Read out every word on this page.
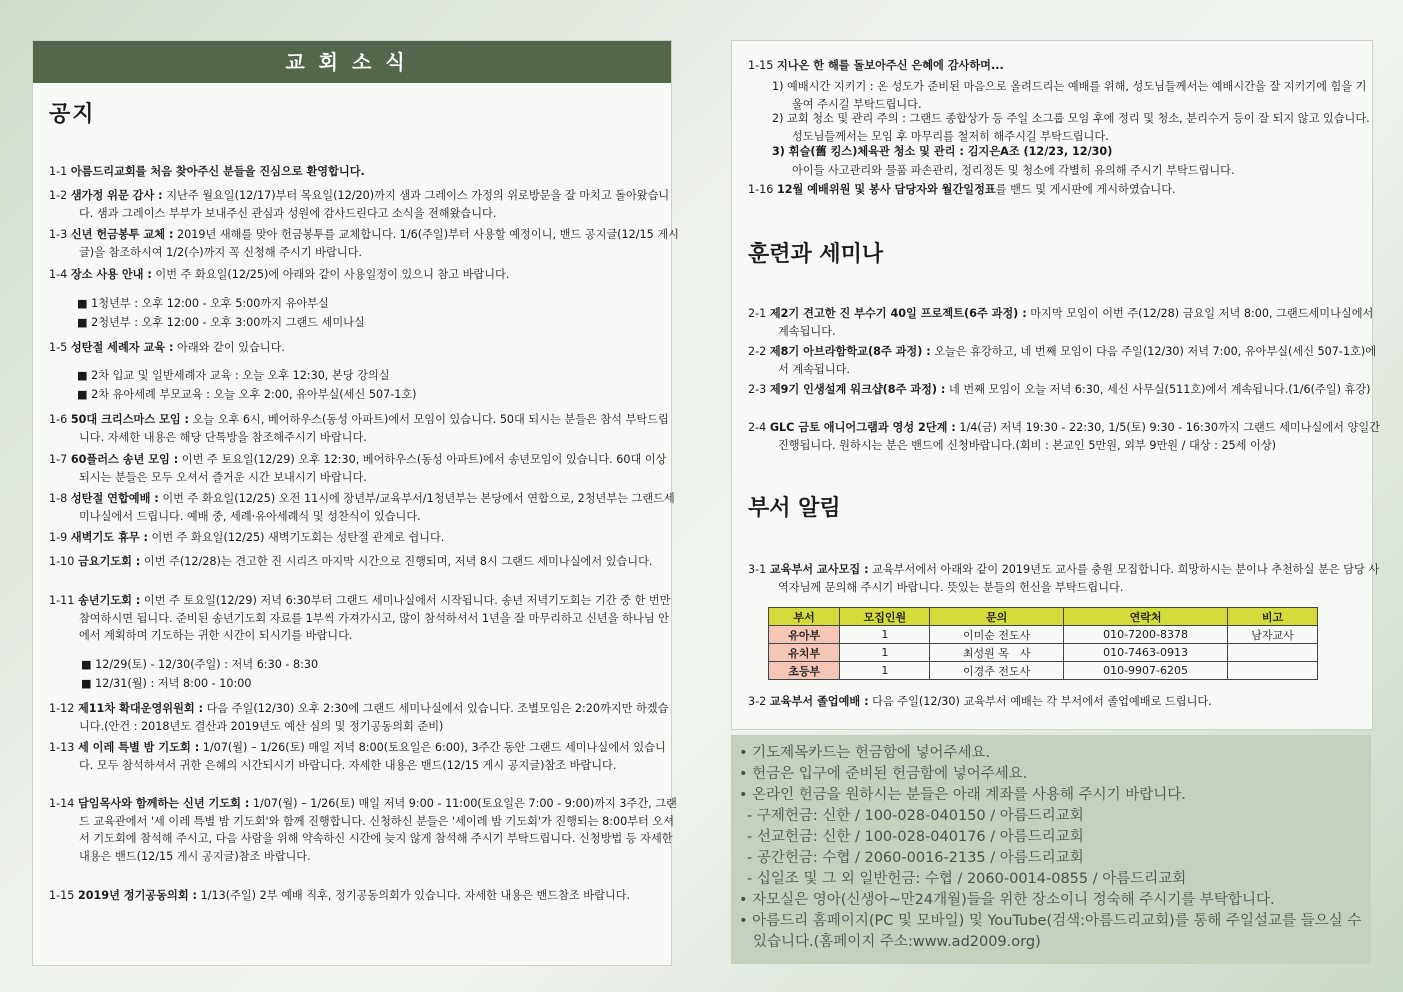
교회소식
공지
1-1 아름드리교회를 처음 찾아주신 분들을 진심으로 환영합니다.
1-2 샘가정 위문 감사 : 지난주 월요일(12/17)부터 목요일(12/20)까지 샘과 그레이스 가정의 위로방문을 잘 마치고 돌아왔습니다. 샘과 그레이스 부부가 보내주신 관심과 성원에 감사드린다고 소식을 전해왔습니다.
1-3 신년 헌금봉투 교체 : 2019년 새해를 맞아 헌금봉투를 교체합니다. 1/6(주일)부터 사용할 예정이니, 밴드 공지글(12/15 게시글)을 참조하시여 1/2(수)까지 꼭 신청해 주시기 바랍니다.
1-4 장소 사용 안내 : 이번 주 화요일(12/25)에 아래와 같이 사용일정이 있으니 참고 바랍니다.
■ 1청년부 : 오후 12:00 - 오후 5:00까지 유아부실
■ 2청년부 : 오후 12:00 - 오후 3:00까지 그랜드 세미나실
1-5 성탄절 세례자 교육 : 아래와 같이 있습니다.
■ 2차 입교 및 일반세례자 교육 : 오늘 오후 12:30, 본당 강의실
■ 2차 유아세례 부모교육 : 오늘 오후 2:00, 유아부실(세신 507-1호)
1-6 50대 크리스마스 모임 : 오늘 오후 6시, 베어하우스(동성 아파트)에서 모임이 있습니다. 50대 되시는 분들은 참석 부탁드립니다. 자세한 내용은 해당 단톡방을 참조해주시기 바랍니다.
1-7 60플러스 송년 모임 : 이번 주 토요일(12/29) 오후 12:30, 베어하우스(동성 아파트)에서 송년모임이 있습니다. 60대 이상 되시는 분들은 모두 오셔서 즐거운 시간 보내시기 바랍니다.
1-8 성탄절 연합예배 : 이번 주 화요일(12/25) 오전 11시에 장년부/교육부서/1청년부는 본당에서 연합으로, 2청년부는 그랜드세미나실에서 드립니다. 예배 중, 세례·유아세례식 및 성찬식이 있습니다.
1-9 새벽기도 휴무 : 이번 주 화요일(12/25) 새벽기도회는 성탄절 관계로 쉽니다.
1-10 금요기도회 : 이번 주(12/28)는 견고한 진 시리즈 마지막 시간으로 진행되며, 저녁 8시 그랜드 세미나실에서 있습니다.
1-11 송년기도회 : 이번 주 토요일(12/29) 저녁 6:30부터 그랜드 세미나실에서 시작됩니다. 송년 저녁기도회는 기간 중 한 번만 참여하시면 됩니다. 준비된 송년기도회 자료를 1부씩 가져가시고, 많이 참석하셔서 1년을 잘 마무리하고 신년을 하나님 안에서 계획하며 기도하는 귀한 시간이 되시기를 바랍니다.
■ 12/29(토) - 12/30(주일) : 저녁 6:30 - 8:30
■ 12/31(월) : 저녁 8:00 - 10:00
1-12 제11차 확대운영위원회 : 다음 주일(12/30) 오후 2:30에 그랜드 세미나실에서 있습니다. 조별모임은 2:20까지만 하겠습니다.(안건 : 2018년도 결산과 2019년도 예산 심의 및 정기공동의회 준비)
1-13 세 이레 특별 밤 기도회 : 1/07(월) – 1/26(토) 매일 저녁 8:00(토요일은 6:00), 3주간 동안 그랜드 세미나실에서 있습니다. 모두 참석하셔서 귀한 은혜의 시간되시기 바랍니다. 자세한 내용은 밴드(12/15 게시 공지글)참조 바랍니다.
1-14 담임목사와 함께하는 신년 기도회 : 1/07(월) – 1/26(토) 매일 저녁 9:00 - 11:00(토요일은 7:00 - 9:00)까지 3주간, 그랜드 교육관에서 '세 이레 특별 밤 기도회'와 함께 진행합니다. 신청하신 분들은 '세이레 밤 기도회'가 진행되는 8:00부터 오셔서 기도회에 참석해 주시고, 다음 사람을 위해 약속하신 시간에 늦지 않게 참석해 주시기 부탁드립니다. 신청방법 등 자세한 내용은 밴드(12/15 게시 공지글)참조 바랍니다.
1-15 2019년 정기공동의회 : 1/13(주일) 2부 예배 직후, 정기공동의회가 있습니다. 자세한 내용은 밴드참조 바랍니다.
1-15 지나온 한 해를 돌보아주신 은혜에 감사하며...
1) 예배시간 지키기 : 온 성도가 준비된 마음으로 올려드리는 예배를 위해, 성도님들께서는 예배시간을 잘 지키기에 힘을 기울여 주시길 부탁드립니다.
2) 교회 청소 및 관리 주의 : 그랜드 종합상가 등 주일 소그룹 모임 후에 정리 및 청소, 분리수거 등이 잘 되지 않고 있습니다. 성도님들께서는 모임 후 마무리를 철저히 해주시길 부탁드립니다.
3) 휘슬(舊 킹스)체육관 청소 및 관리 : 김지은A조 (12/23, 12/30)
아이들 사고관리와 물품 파손관리, 정리정돈 및 청소에 각별히 유의해 주시기 부탁드립니다.
1-16 12월 예배위원 및 봉사 담당자와 월간일정표를 밴드 및 게시판에 게시하였습니다.
훈련과 세미나
2-1 제2기 견고한 진 부수기 40일 프로젝트(6주 과정) : 마지막 모임이 이번 주(12/28) 금요일 저녁 8:00, 그랜드세미나실에서 계속됩니다.
2-2 제8기 아브라함학교(8주 과정) : 오늘은 휴강하고, 네 번째 모임이 다음 주일(12/30) 저녁 7:00, 유아부실(세신 507-1호)에서 계속됩니다.
2-3 제9기 인생설계 워크샵(8주 과정) : 네 번째 모임이 오늘 저녁 6:30, 세신 사무실(511호)에서 계속됩니다.(1/6(주일) 휴강)
2-4 GLC 금토 애니어그램과 영성 2단계 : 1/4(금) 저녁 19:30 - 22:30, 1/5(토) 9:30 - 16:30까지 그랜드 세미나실에서 양일간 진행됩니다. 원하시는 분은 밴드에 신청바랍니다.(회비 : 본교인 5만원, 외부 9만원 / 대상 : 25세 이상)
부서 알림
3-1 교육부서 교사모집 : 교육부서에서 아래와 같이 2019년도 교사를 충원 모집합니다. 희망하시는 분이나 추천하실 분은 담당 사역자님께 문의해 주시기 바랍니다. 뜻있는 분들의 헌신을 부탁드립니다.
부서	모집인원	문의	연락처	비고
유아부	1	이미순 전도사	010-7200-8378	남자교사
유치부	1	최성원 목　사	010-7463-0913	
초등부	1	이경주 전도사	010-9907-6205	
3-2 교육부서 졸업예배 : 다음 주일(12/30) 교육부서 예배는 각 부서에서 졸업예배로 드립니다.
• 기도제목카드는 헌금함에 넣어주세요.
• 헌금은 입구에 준비된 헌금함에 넣어주세요.
• 온라인 헌금을 원하시는 분들은 아래 계좌를 사용해 주시기 바랍니다.
- 구제헌금: 신한 / 100-028-040150 / 아름드리교회
- 선교헌금: 신한 / 100-028-040176 / 아름드리교회
- 공간헌금: 수협 / 2060-0016-2135 / 아름드리교회
- 십일조 및 그 외 일반헌금: 수협 / 2060-0014-0855 / 아름드리교회
• 자모실은 영아(신생아~만24개월)들을 위한 장소이니 정숙해 주시기를 부탁합니다.
• 아름드리 홈페이지(PC 및 모바일) 및 YouTube(검색:아름드리교회)를 통해 주일설교를 들으실 수 있습니다.(홈페이지 주소:www.ad2009.org)
